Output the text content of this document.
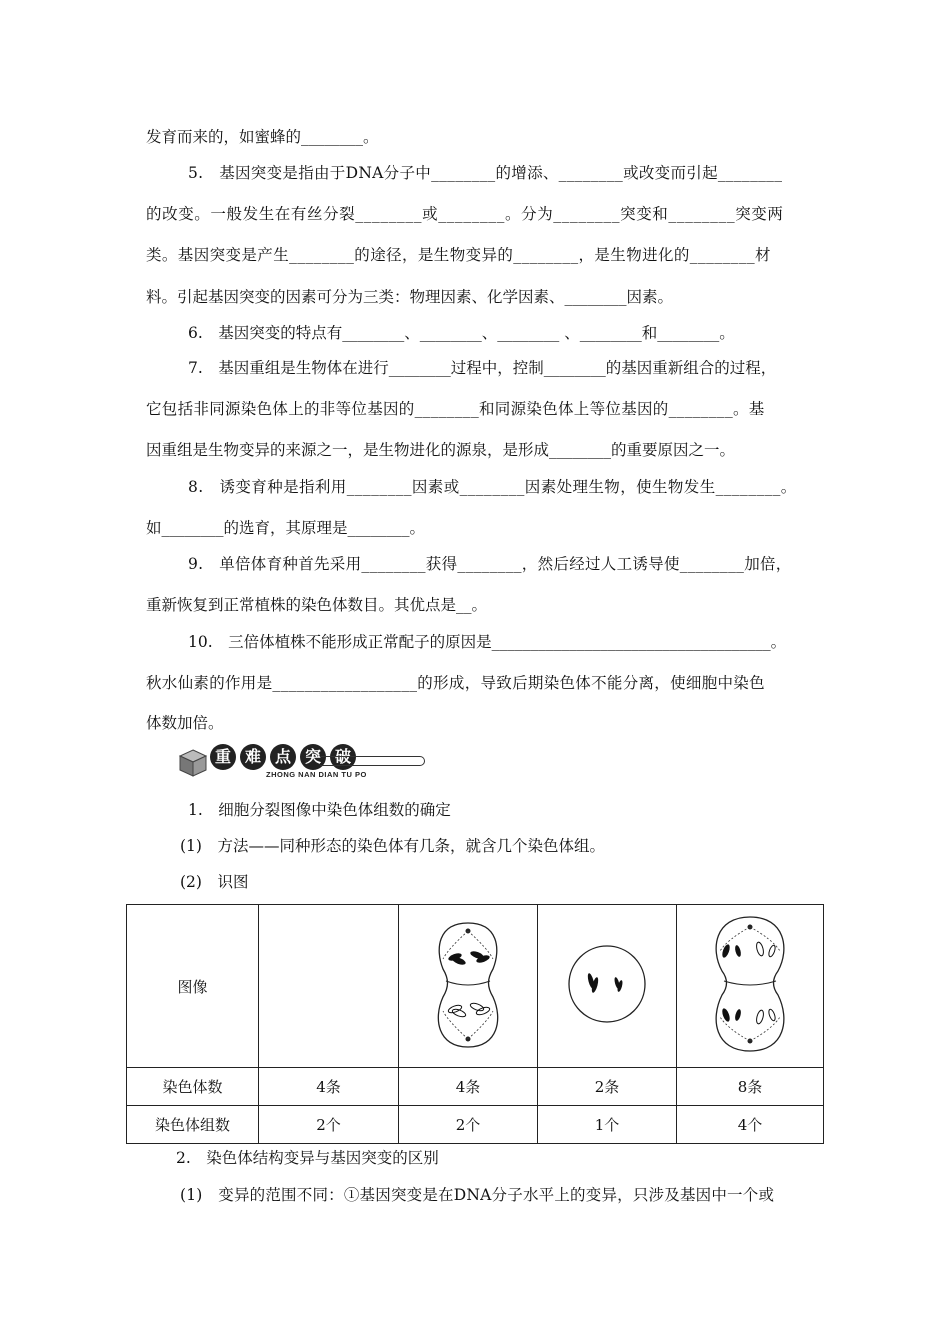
发育而来的，如蜜蜂的________。
5.　基因突变是指由于DNA分子中________的增添、________或改变而引起________
的改变。一般发生在有丝分裂________或________。分为________突变和________突变两
类。基因突变是产生________的途径，是生物变异的________，是生物进化的________材
料。引起基因突变的因素可分为三类：物理因素、化学因素、________因素。
6.　基因突变的特点有________、________、________ 、________和________。
7.　基因重组是生物体在进行________过程中，控制________的基因重新组合的过程，
它包括非同源染色体上的非等位基因的________和同源染色体上等位基因的________。基
因重组是生物变异的来源之一，是生物进化的源泉，是形成________的重要原因之一。
8.　诱变育种是指利用________因素或________因素处理生物，使生物发生________。
如________的选育，其原理是________。
9.　单倍体育种首先采用________获得________，然后经过人工诱导使________加倍，
重新恢复到正常植株的染色体数目。其优点是__。
10.　三倍体植株不能形成正常配子的原因是____________________________________。
秋水仙素的作用是__________________的形成，导致后期染色体不能分离，使细胞中染色
体数加倍。
重 难 点 突 破
ZHONG NAN DIAN TU PO
1.　细胞分裂图像中染色体组数的确定
(1)　方法——同种形态的染色体有几条，就含几个染色体组。
(2)　识图
图像				
染色体数	4条	4条	2条	8条
染色体组数	2个	2个	1个	4个
2.　染色体结构变异与基因突变的区别
(1)　变异的范围不同：①基因突变是在DNA分子水平上的变异，只涉及基因中一个或
